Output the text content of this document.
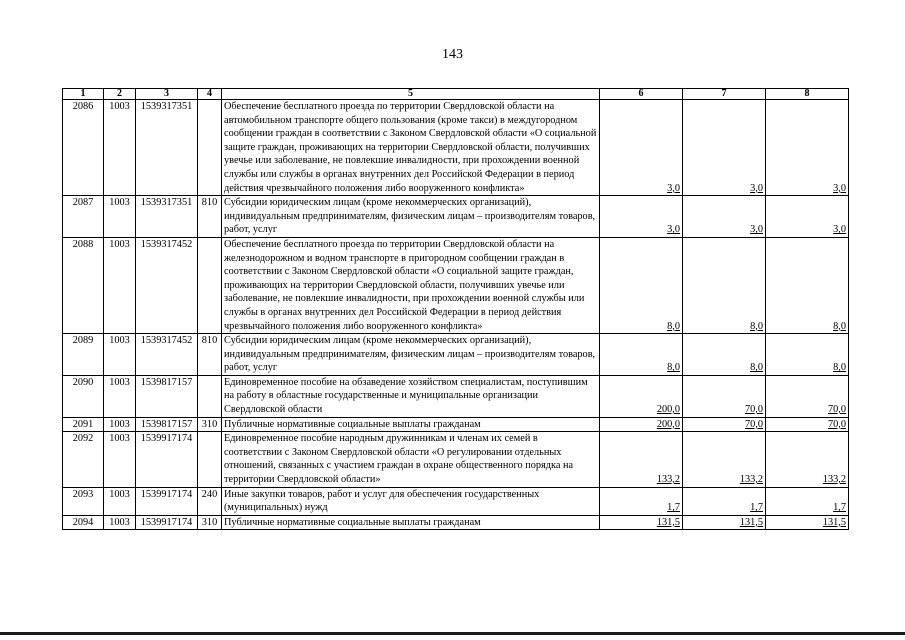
143
1	2	3	4	5	6	7	8
2086	1003	1539317351		Обеспечение бесплатного проезда по территории Свердловской области на автомобильном транспорте общего пользования (кроме такси) в междугородном сообщении граждан в соответствии с Законом Свердловской области «О социальной защите граждан, проживающих на территории Свердловской области, получивших увечье или заболевание, не повлекшие инвалидности, при прохождении военной службы или службы в органах внутренних дел Российской Федерации в период действия чрезвычайного положения либо вооруженного конфликта»	3,0	3,0	3,0
2087	1003	1539317351	810	Субсидии юридическим лицам (кроме некоммерческих организаций), индивидуальным предпринимателям, физическим лицам – производителям товаров, работ, услуг	3,0	3,0	3,0
2088	1003	1539317452		Обеспечение бесплатного проезда по территории Свердловской области на железнодорожном и водном транспорте в пригородном сообщении граждан в соответствии с Законом Свердловской области «О социальной защите граждан, проживающих на территории Свердловской области, получивших увечье или заболевание, не повлекшие инвалидности, при прохождении военной службы или службы в органах внутренних дел Российской Федерации в период действия чрезвычайного положения либо вооруженного конфликта»	8,0	8,0	8,0
2089	1003	1539317452	810	Субсидии юридическим лицам (кроме некоммерческих организаций), индивидуальным предпринимателям, физическим лицам – производителям товаров, работ, услуг	8,0	8,0	8,0
2090	1003	1539817157		Единовременное пособие на обзаведение хозяйством специалистам, поступившим на работу в областные государственные и муниципальные организации Свердловской области	200,0	70,0	70,0
2091	1003	1539817157	310	Публичные нормативные социальные выплаты гражданам	200,0	70,0	70,0
2092	1003	1539917174		Единовременное пособие народным дружинникам и членам их семей в соответствии с Законом Свердловской области «О регулировании отдельных отношений, связанных с участием граждан в охране общественного порядка на территории Свердловской области»	133,2	133,2	133,2
2093	1003	1539917174	240	Иные закупки товаров, работ и услуг для обеспечения государственных (муниципальных) нужд	1,7	1,7	1,7
2094	1003	1539917174	310	Публичные нормативные социальные выплаты гражданам	131,5	131,5	131,5
